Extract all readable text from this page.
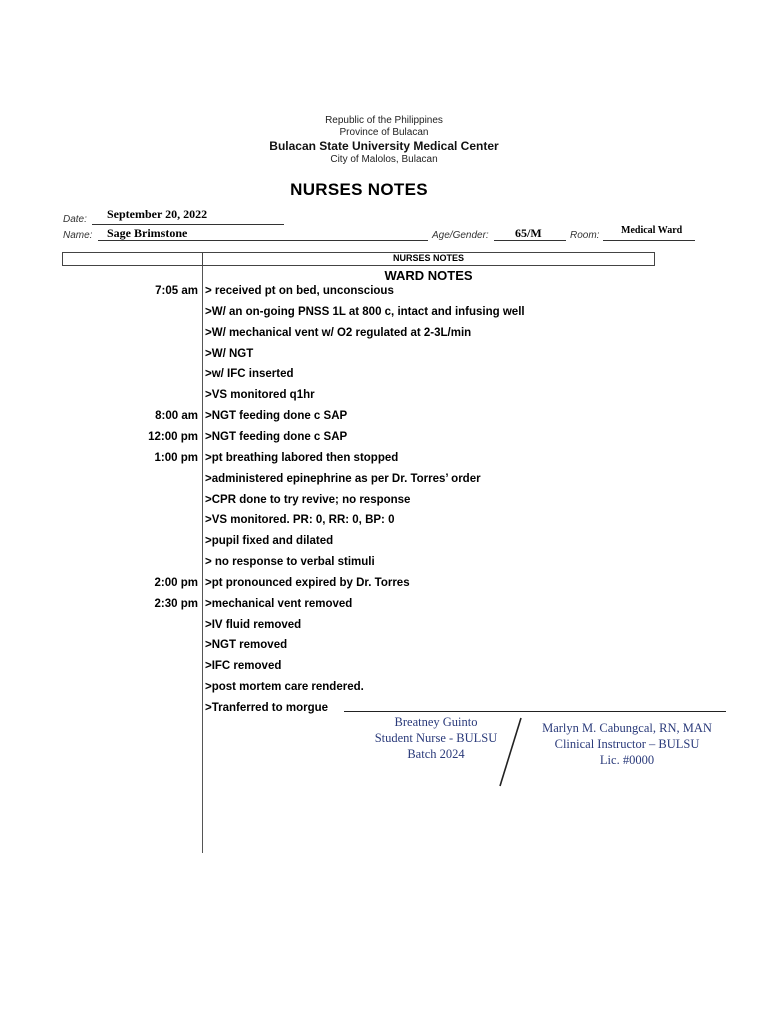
Republic of the Philippines
Province of Bulacan
Bulacan State University Medical Center
City of Malolos, Bulacan
NURSES NOTES
Date: September 20, 2022
Name: Sage Brimstone	Age/Gender: 65/M	Room: Medical Ward
NURSES NOTES
WARD NOTES
7:05 am > received pt on bed, unconscious
>W/ an on-going PNSS 1L at 800 c, intact and infusing well
>W/ mechanical vent w/ O2 regulated at 2-3L/min
>W/ NGT
>w/ IFC inserted
>VS monitored q1hr
8:00 am >NGT feeding done c SAP
12:00 pm >NGT feeding done c SAP
1:00 pm >pt breathing labored then stopped
>administered epinephrine as per Dr. Torres’ order
>CPR done to try revive; no response
>VS monitored. PR: 0, RR: 0, BP: 0
>pupil fixed and dilated
> no response to verbal stimuli
2:00 pm >pt pronounced expired by Dr. Torres
2:30 pm >mechanical vent removed
>IV fluid removed
>NGT removed
>IFC removed
>post mortem care rendered.
>Tranferred to morgue
Breatney Guinto
Student Nurse - BULSU
Batch 2024
Marlyn M. Cabungcal, RN, MAN
Clinical Instructor – BULSU
Lic. #0000
